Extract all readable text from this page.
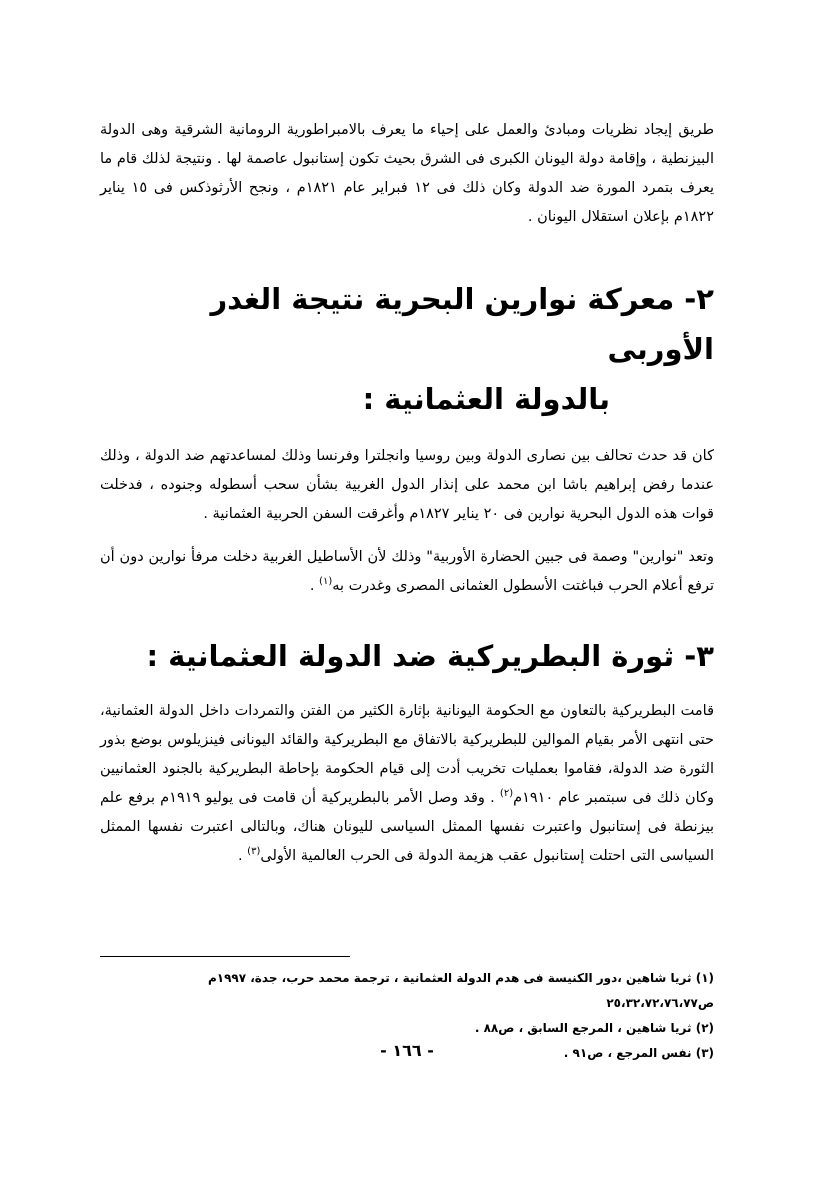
طريق إيجاد نظريات ومبادئ والعمل على إحياء ما يعرف بالامبراطورية الرومانية الشرقية وهى الدولة البيزنطية ، وإقامة دولة اليونان الكبرى فى الشرق بحيث تكون إستانبول عاصمة لها . ونتيجة لذلك قام ما يعرف بتمرد المورة ضد الدولة وكان ذلك فى ١٢ فبراير عام ١٨٢١م ، ونجح الأرثوذكس فى ١٥ يناير ١٨٢٢م بإعلان استقلال اليونان .

٢- معركة نوارين البحرية نتيجة الغدر الأوربى
بالدولة العثمانية :

كان قد حدث تحالف بين نصارى الدولة وبين روسيا وانجلترا وفرنسا وذلك لمساعدتهم ضد الدولة ، وذلك عندما رفض إبراهيم باشا ابن محمد على إنذار الدول الغربية بشأن سحب أسطوله وجنوده ، فدخلت قوات هذه الدول البحرية نوارين فى ٢٠ يناير ١٨٢٧م وأغرقت السفن الحربية العثمانية .

وتعد "نوارين" وصمة فى جبين الحضارة الأوربية" وذلك لأن الأساطيل الغربية دخلت مرفأ نوارين دون أن ترفع أعلام الحرب فباغتت الأسطول العثمانى المصرى وغدرت به$^{(١)}$ .

٣- ثورة البطريركية ضد الدولة العثمانية :

قامت البطريركية بالتعاون مع الحكومة اليونانية بإثارة الكثير من الفتن والتمردات داخل الدولة العثمانية، حتى انتهى الأمر بقيام الموالين للبطريركية بالاتفاق مع البطريركية والقائد اليونانى فينزيلوس بوضع بذور الثورة ضد الدولة، فقاموا بعمليات تخريب أدت إلى قيام الحكومة بإحاطة البطريركية بالجنود العثمانيين وكان ذلك فى سبتمبر عام ١٩١٠م$^{(٢)}$ . وقد وصل الأمر بالبطريركية أن قامت فى يوليو ١٩١٩م برفع علم بيزنطة فى إستانبول واعتبرت نفسها الممثل السياسى لليونان هناك، وبالتالى اعتبرت نفسها الممثل السياسى التى احتلت إستانبول عقب هزيمة الدولة فى الحرب العالمية الأولى$^{(٣)}$ .

(١) ثريا شاهين ،دور الكنيسة فى هدم الدولة العثمانية ، ترجمة محمد حرب، جدة، ١٩٩٧م ص٢٥،٣٢،٧٢،٧٦،٧٧
(٢) ثريا شاهين ، المرجع السابق ، ص٨٨ .
(٣) نفس المرجع ، ص٩١ .
- ١٦٦ -
